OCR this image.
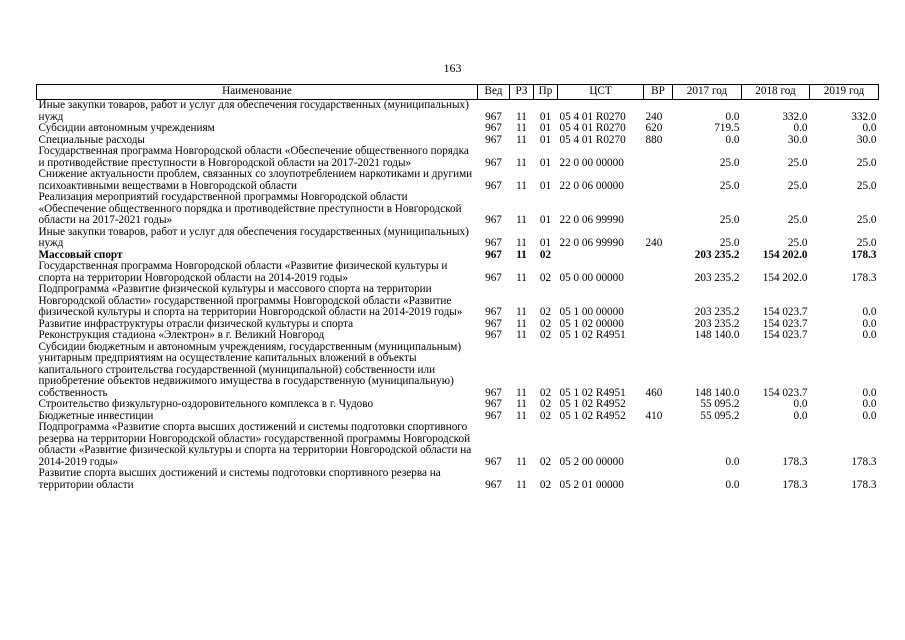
163
Наименование	Вед	РЗ	Пр	ЦСТ	ВР	2017 год	2018 год	2019 год
Иные закупки товаров, работ и услуг для обеспечения государственных (муниципальных) нужд	967	11	01	05 4 01 R0270	240	0.0	332.0	332.0
Субсидии автономным учреждениям	967	11	01	05 4 01 R0270	620	719.5	0.0	0.0
Специальные расходы	967	11	01	05 4 01 R0270	880	0.0	30.0	30.0
Государственная программа Новгородской области «Обеспечение общественного порядка и противодействие преступности в Новгородской области на 2017-2021 годы»	967	11	01	22 0 00 00000		25.0	25.0	25.0
Снижение актуальности проблем, связанных со злоупотреблением наркотиками и другими психоактивными веществами в Новгородской области	967	11	01	22 0 06 00000		25.0	25.0	25.0
Реализация мероприятий государственной программы Новгородской области «Обеспечение общественного порядка и противодействие преступности в Новгородской области на 2017-2021 годы»	967	11	01	22 0 06 99990		25.0	25.0	25.0
Иные закупки товаров, работ и услуг для обеспечения государственных (муниципальных) нужд	967	11	01	22 0 06 99990	240	25.0	25.0	25.0
Массовый спорт	967	11	02			203 235.2	154 202.0	178.3
Государственная программа Новгородской области «Развитие физической культуры и спорта на территории Новгородской области на 2014-2019 годы»	967	11	02	05 0 00 00000		203 235.2	154 202.0	178.3
Подпрограмма «Развитие физической культуры и массового спорта на территории Новгородской области» государственной программы Новгородской области «Развитие физической культуры и спорта на территории Новгородской области на 2014-2019 годы»	967	11	02	05 1 00 00000		203 235.2	154 023.7	0.0
Развитие инфраструктуры отрасли физической культуры и спорта	967	11	02	05 1 02 00000		203 235.2	154 023.7	0.0
Реконструкция стадиона «Электрон» в г. Великий Новгород	967	11	02	05 1 02 R4951		148 140.0	154 023.7	0.0
Субсидии бюджетным и автономным учреждениям, государственным (муниципальным) унитарным предприятиям на осуществление капитальных вложений в объекты капитального строительства государственной (муниципальной) собственности или приобретение объектов недвижимого имущества в государственную (муниципальную) собственность	967	11	02	05 1 02 R4951	460	148 140.0	154 023.7	0.0
Строительство физкультурно-оздоровительного комплекса в г. Чудово	967	11	02	05 1 02 R4952		55 095.2	0.0	0.0
Бюджетные инвестиции	967	11	02	05 1 02 R4952	410	55 095.2	0.0	0.0
Подпрограмма «Развитие спорта высших достижений и системы подготовки спортивного резерва на территории Новгородской области» государственной программы Новгородской области «Развитие физической культуры и спорта на территории Новгородской области на 2014-2019 годы»	967	11	02	05 2 00 00000		0.0	178.3	178.3
Развитие спорта высших достижений и системы подготовки спортивного резерва на территории области	967	11	02	05 2 01 00000		0.0	178.3	178.3
